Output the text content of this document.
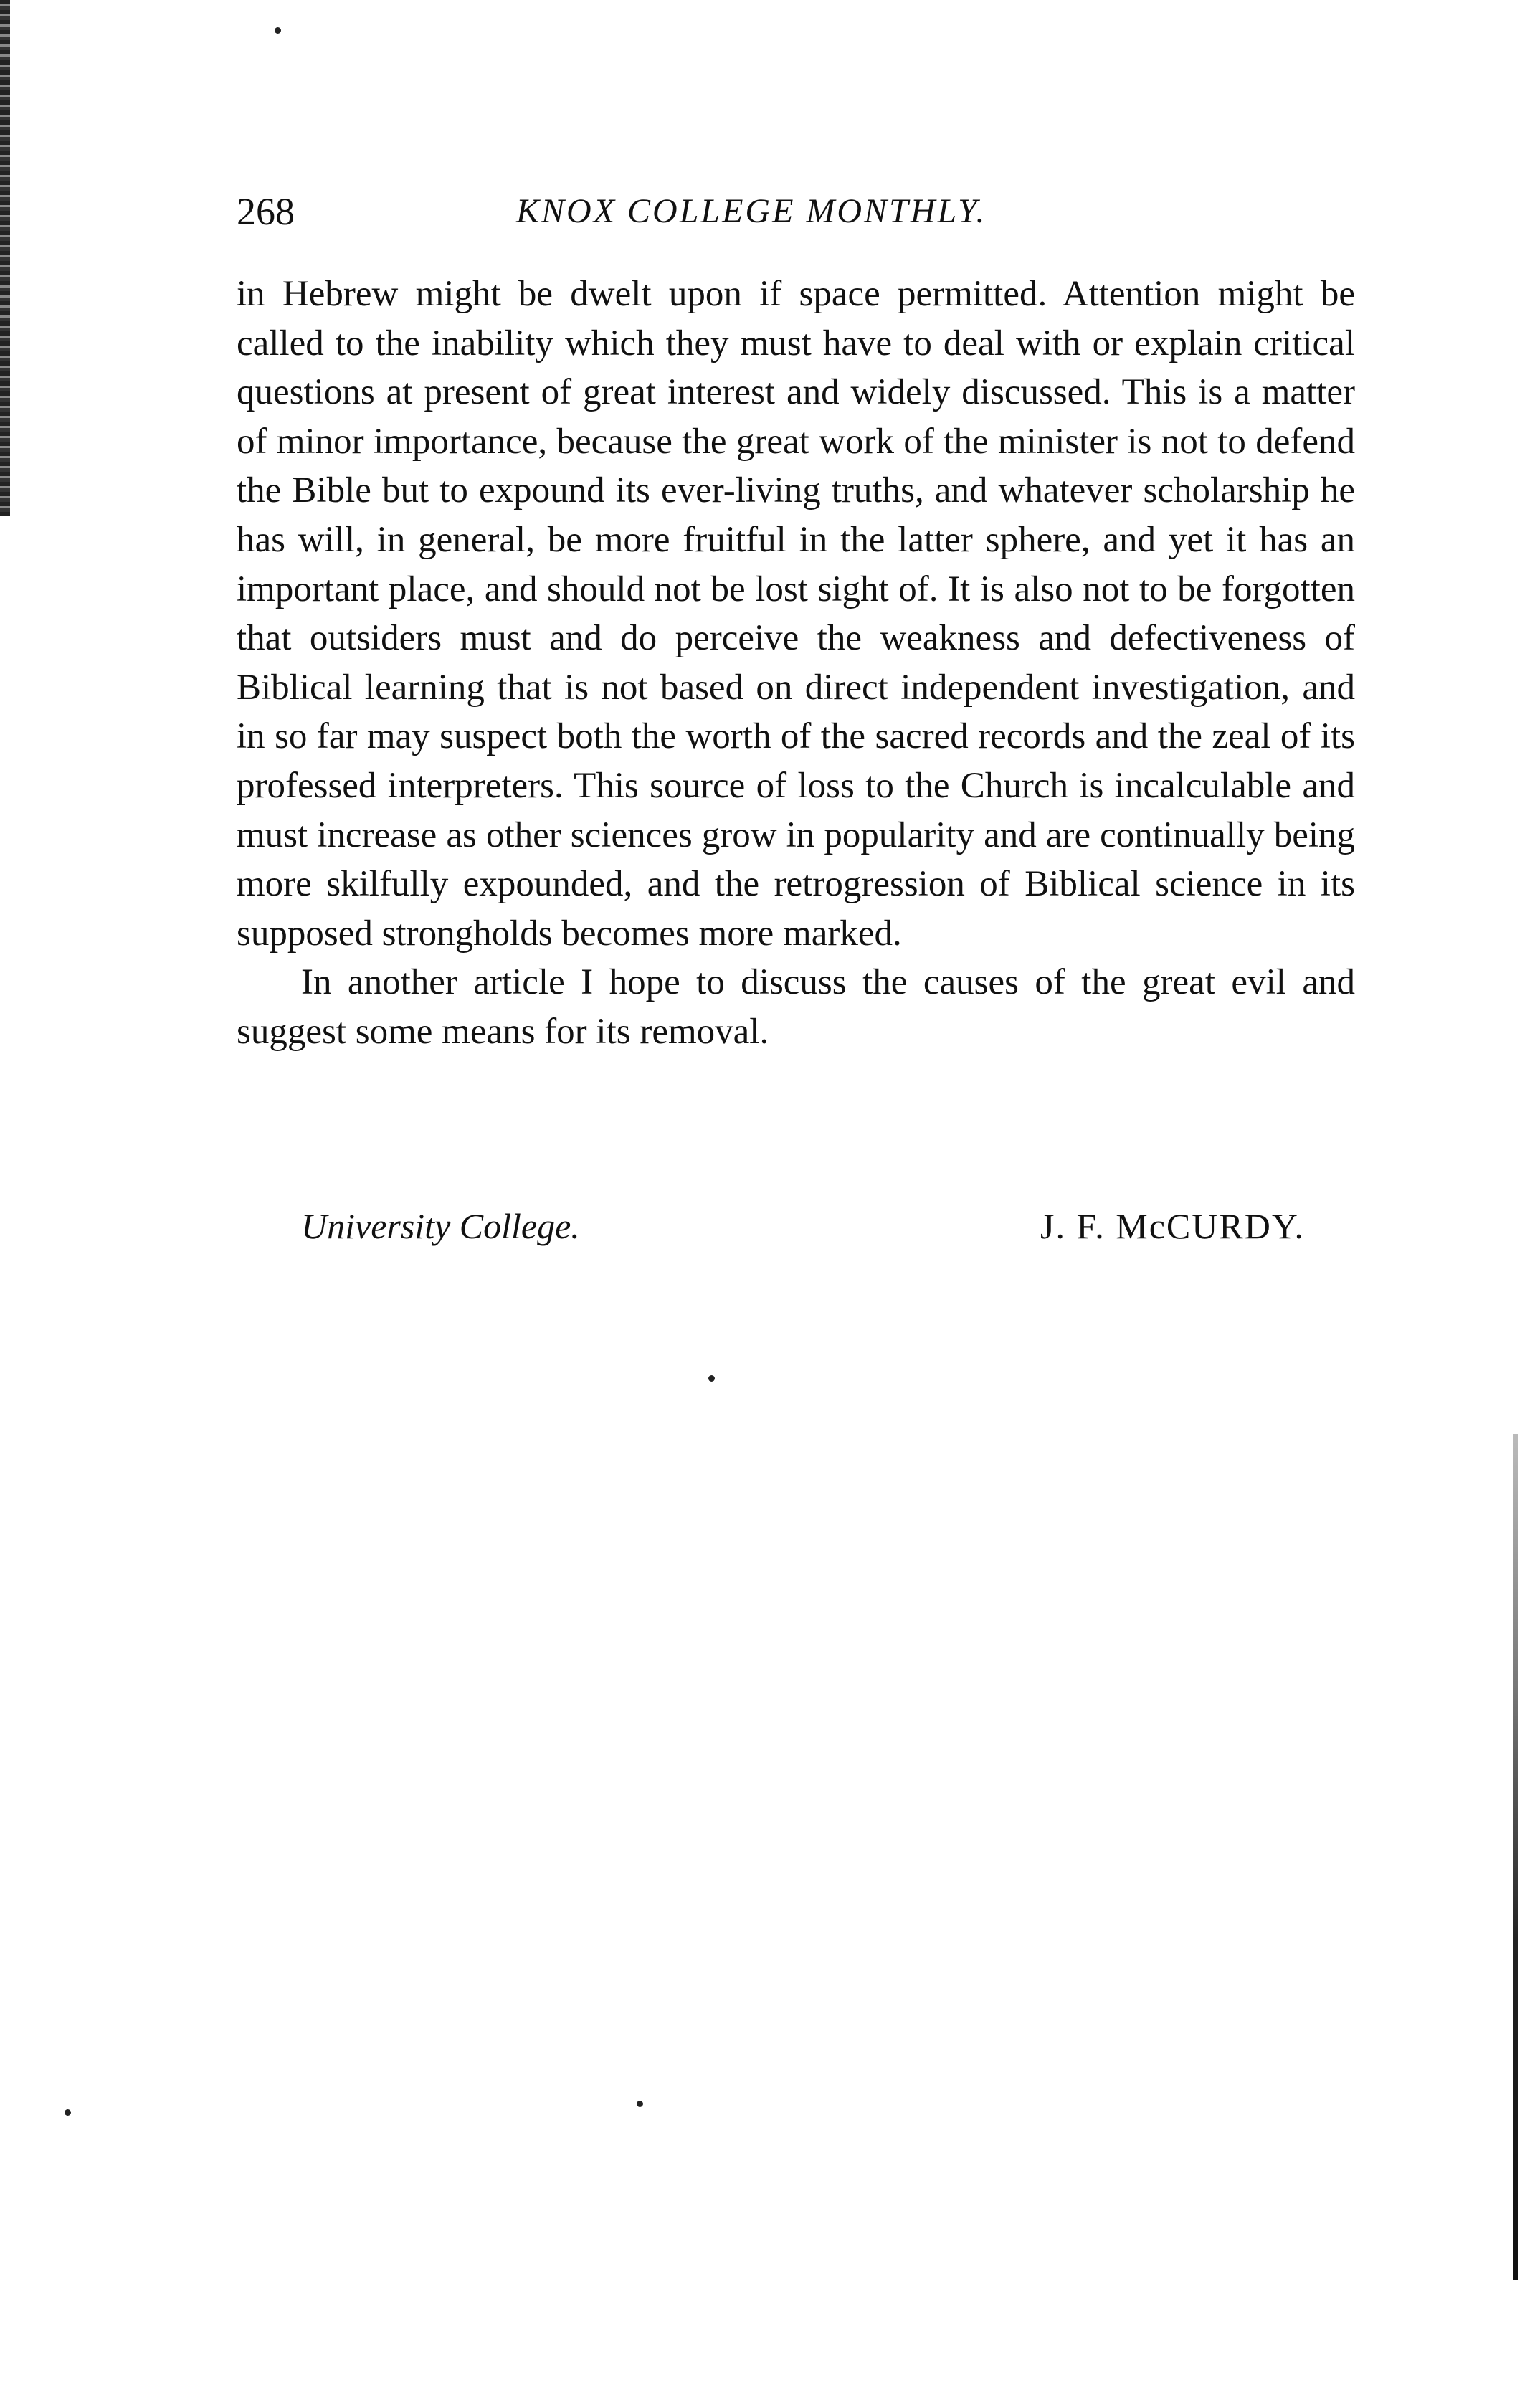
268	KNOX COLLEGE MONTHLY.

in Hebrew might be dwelt upon if space permitted. Attention might be called to the inability which they must have to deal with or explain critical questions at present of great interest and widely discussed. This is a matter of minor importance, because the great work of the minister is not to defend the Bible but to expound its ever-living truths, and whatever scholarship he has will, in general, be more fruitful in the latter sphere, and yet it has an important place, and should not be lost sight of. It is also not to be forgotten that outsiders must and do perceive the weakness and defectiveness of Biblical learning that is not based on direct independent investigation, and in so far may suspect both the worth of the sacred records and the zeal of its professed interpreters. This source of loss to the Church is incalculable and must increase as other sciences grow in popularity and are continually being more skilfully expounded, and the retrogression of Biblical science in its supposed strongholds becomes more marked.

In another article I hope to discuss the causes of the great evil and suggest some means for its removal.

University College.	J. F. McCURDY.
